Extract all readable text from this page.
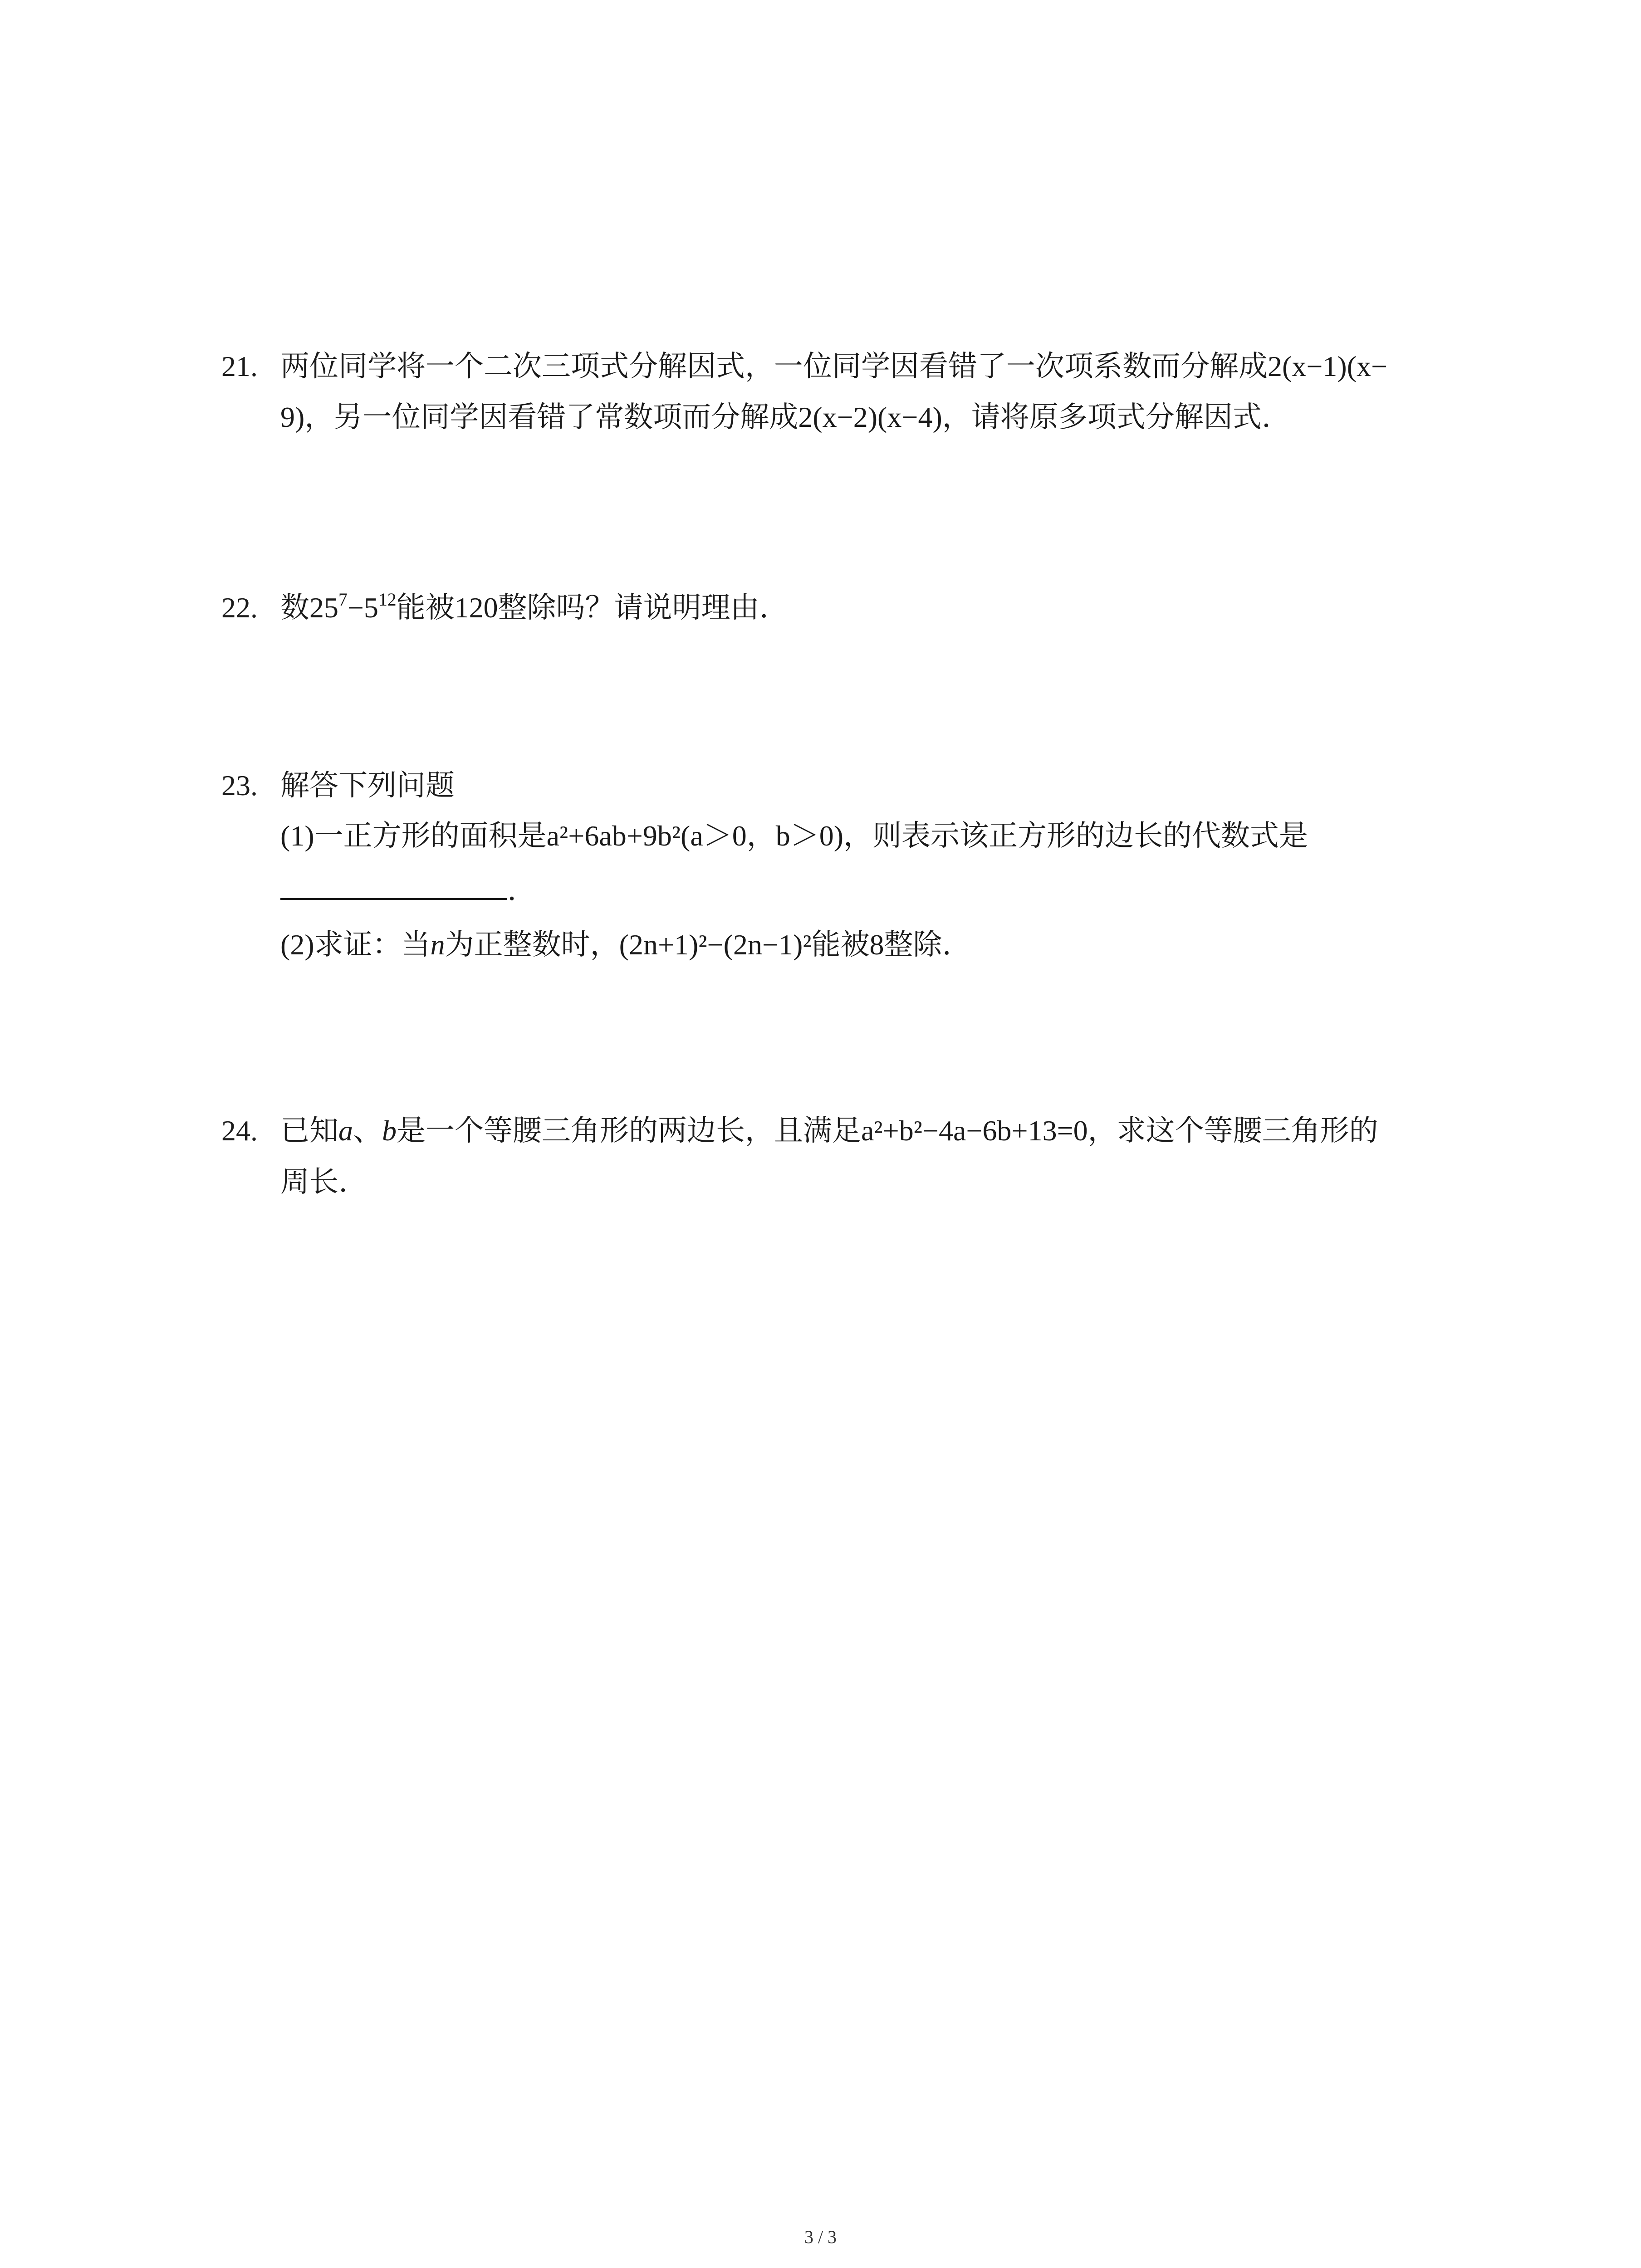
21. 两位同学将一个二次三项式分解因式，一位同学因看错了一次项系数而分解成2(x−1)(x−
9)，另一位同学因看错了常数项而分解成2(x−2)(x−4)，请将原多项式分解因式.
22. 数$25^7-5^{12}$能被120整除吗？请说明理由.
23. 解答下列问题
(1)一正方形的面积是a²+6ab+9b²(a＞0，b＞0)，则表示该正方形的边长的代数式是
.
(2)求证：当n为正整数时，(2n+1)²−(2n−1)²能被8整除.
24. 已知a、b是一个等腰三角形的两边长，且满足a²+b²−4a−6b+13=0，求这个等腰三角形的
周长.
3 / 3
